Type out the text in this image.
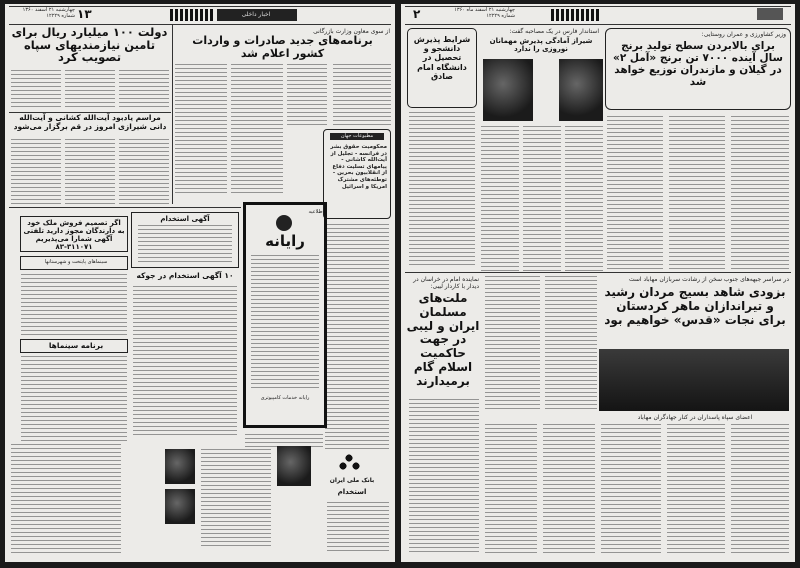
۱۳
چهارشنبه ۲۱ اسفند ۱۳۶۰
شماره ۱۲۲۲۹	اخبار داخلی
دولت ۱۰۰ میلیارد ریال برای تامین نیازمندیهای سپاه تصویب کرد
از سوی معاون وزارت بازرگانی
برنامه‌های جدید صادرات و واردات کشور اعلام شد
مراسم یادبود آیت‌الله کشانی و آیت‌الله دانی شیرازی امروز در قم برگزار می‌شود
مطبوعات جهان
محکومیت حقوق بشر در فرانسه - تجلیل از آیت‌الله کاشانی - پیامهای تسلیت دفاع از انقلابیون بحرین - توطئه‌های مشترک امریکا و اسرائیل
اگر تصمیم فروش ملک خود به دارندگان مجوز دارید تلفنی آگهی شمارا می‌پذیریم ۳۱۱۰۷۱-۸۳
آگهی استخدام
۱۰ آگهی استخدام در جوکه
سینماهای پایتخت و شهرستانها
برنامه سینماها
اطلاعیه
رایانه
رایانه خدمات کامپیوتری
بانک ملی ایران
استخدام
۲	چهارشنبه ۲۱ اسفند ماه ۱۳۶۰
شماره ۱۲۲۲۹
شرایط پذیرش دانشجو و تحصیل در دانشگاه امام صادق
استاندار فارس در یک مصاحبه گفت:
شیراز آمادگی پذیرش مهمانان نوروزی را ندارد
وزیر کشاورزی و عمران روستایی:
برای بالابردن سطح تولید برنج سال آینده ۷۰۰۰ تن برنج «آمل ۲» در گیلان و مازندران توزیع خواهد شد
نماینده امام در خراسان در دیدار با کاردار لیبی:
ملت‌های مسلمان ایران و لیبی در جهت حاکمیت اسلام گام برمیدارند
در سراسر جبهه‌های جنوب سخن از رشادت سربازان مهاباد است
بزودی شاهد بسیج مردان رشید و تیراندازان ماهر کردستان برای نجات «قدس» خواهیم بود
اعضای سپاه پاسداران در کنار جهادگران مهاباد
